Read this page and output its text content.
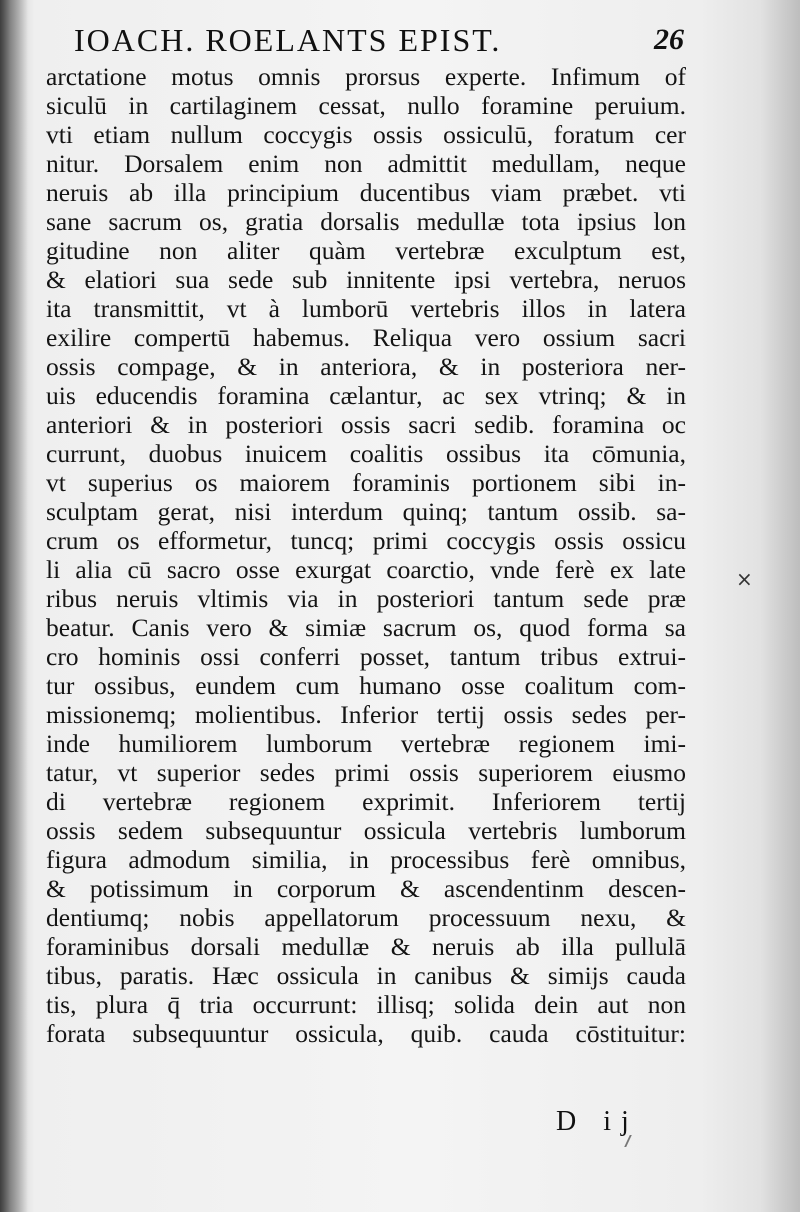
IOACH. ROELANTS EPIST.	26
arctatione motus omnis prorsus experte. Infimum of
siculū in cartilaginem cessat, nullo foramine peruium.
vti etiam nullum coccygis ossis ossiculū, foratum cer
nitur. Dorsalem enim non admittit medullam, neque
neruis ab illa principium ducentibus viam præbet. vti
sane sacrum os, gratia dorsalis medullæ tota ipsius lon
gitudine non aliter quàm vertebræ exculptum est,
& elatiori sua sede sub innitente ipsi vertebra, neruos
ita transmittit, vt à lumborū vertebris illos in latera
exilire compertū habemus. Reliqua vero ossium sacri
ossis compage, & in anteriora, & in posteriora ner-
uis educendis foramina cælantur, ac sex vtrinq; & in
anteriori & in posteriori ossis sacri sedib. foramina oc
currunt, duobus inuicem coalitis ossibus ita cōmunia,
vt superius os maiorem foraminis portionem sibi in-
sculptam gerat, nisi interdum quinq; tantum ossib. sa-
crum os efformetur, tuncq; primi coccygis ossis ossicu
li alia cū sacro osse exurgat coarctio, vnde ferè ex late
ribus neruis vltimis via in posteriori tantum sede præ
beatur. Canis vero & simiæ sacrum os, quod forma sa
cro hominis ossi conferri posset, tantum tribus extrui-
tur ossibus, eundem cum humano osse coalitum com-
missionemq; molientibus. Inferior tertij ossis sedes per-
inde humiliorem lumborum vertebræ regionem imi-
tatur, vt superior sedes primi ossis superiorem eiusmo
di vertebræ regionem exprimit. Inferiorem tertij
ossis sedem subsequuntur ossicula vertebris lumborum
figura admodum similia, in processibus ferè omnibus,
& potissimum in corporum & ascendentinm descen-
dentiumq; nobis appellatorum processuum nexu, &
foraminibus dorsali medullæ & neruis ab illa pullulā
tibus, paratis. Hæc ossicula in canibus & simijs cauda
tis, plura q̄ tria occurrunt: illisq; solida dein aut non
forata subsequuntur ossicula, quib. cauda cōstituitur:
D ij
×
